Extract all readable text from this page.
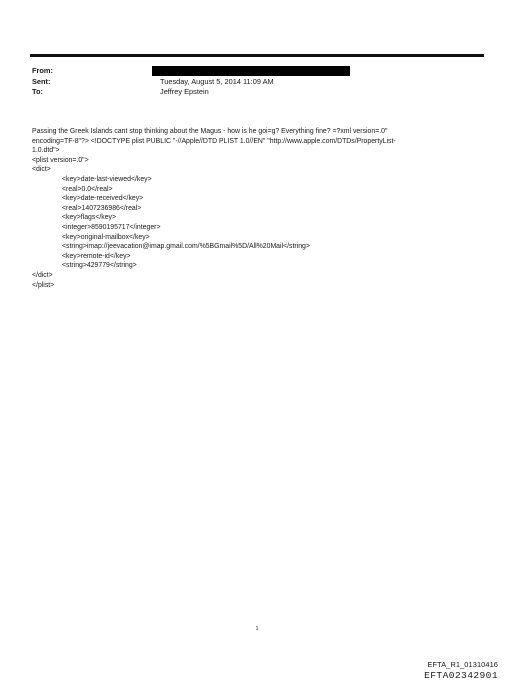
From:
Sent:	Tuesday, August 5, 2014 11:09 AM
To:	Jeffrey Epstein
Passing the Greek Islands cant stop thinking about the Magus - how is he goi=g? Everything fine? =?xml version=.0"
encoding=TF-8"?> <!DOCTYPE plist PUBLIC "-//Apple//DTD PLIST 1.0//EN" "http://www.apple.com/DTDs/PropertyList-
1.0.dtd">
<plist version=.0">
<dict>
<key>date-last-viewed</key>
<real>0.0</real>
<key>date-received</key>
<real>1407236986</real>
<key>flags</key>
<integer>8590195717</integer>
<key>original-mailbox</key>
<string>imap://jeevacation@imap.gmail.com/%5BGmail%5D/All%20Mail</string>
<key>remote-id</key>
<string>429779</string>
</dict>
</plist>
1
EFTA_R1_01310416
EFTA02342901
